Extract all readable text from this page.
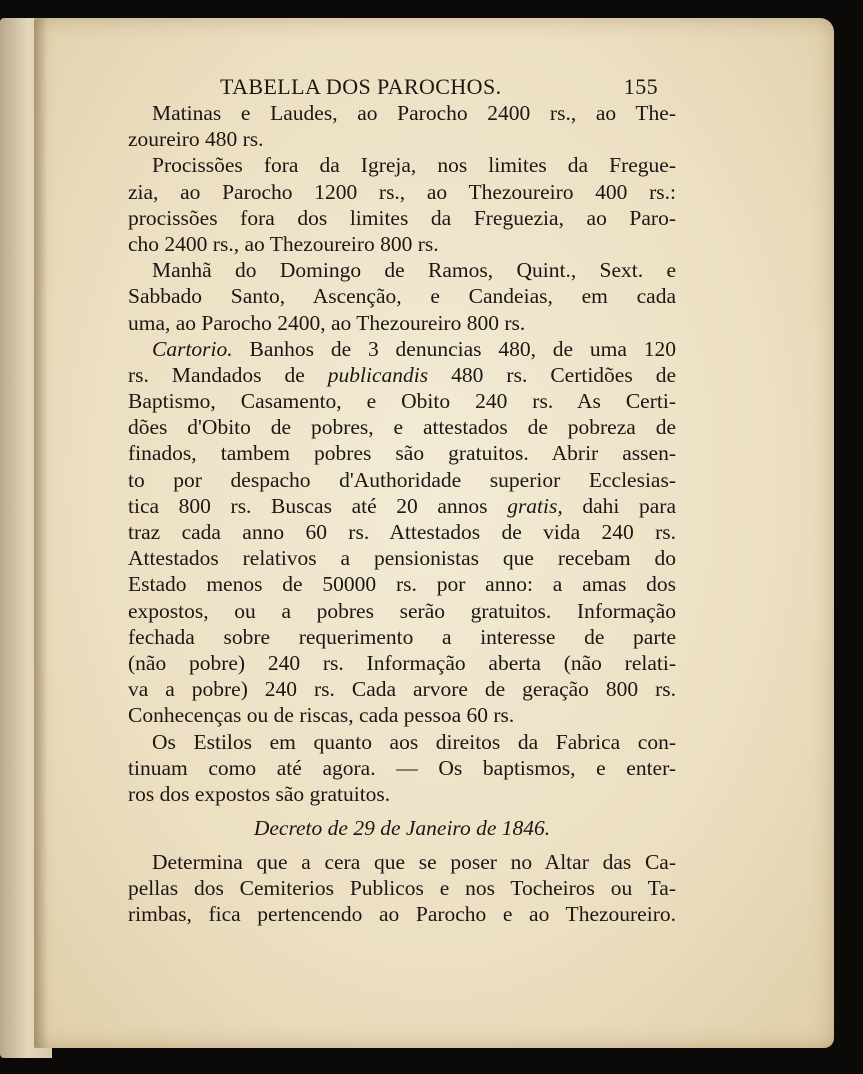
TABELLA DOS PAROCHOS.	155
Matinas e Laudes, ao Parocho 2400 rs., ao The-
zoureiro 480 rs.
Procissões fora da Igreja, nos limites da Fregue-
zia, ao Parocho 1200 rs., ao Thezoureiro 400 rs.:
procissões fora dos limites da Freguezia, ao Paro-
cho 2400 rs., ao Thezoureiro 800 rs.
Manhã do Domingo de Ramos, Quint., Sext. e
Sabbado Santo, Ascenção, e Candeias, em cada
uma, ao Parocho 2400, ao Thezoureiro 800 rs.
Cartorio. Banhos de 3 denuncias 480, de uma 120
rs. Mandados de publicandis 480 rs. Certidões de
Baptismo, Casamento, e Obito 240 rs. As Certi-
dões d'Obito de pobres, e attestados de pobreza de
finados, tambem pobres são gratuitos. Abrir assen-
to por despacho d'Authoridade superior Ecclesias-
tica 800 rs. Buscas até 20 annos gratis, dahi para
traz cada anno 60 rs. Attestados de vida 240 rs.
Attestados relativos a pensionistas que recebam do
Estado menos de 50000 rs. por anno: a amas dos
expostos, ou a pobres serão gratuitos. Informação
fechada sobre requerimento a interesse de parte
(não pobre) 240 rs. Informação aberta (não relati-
va a pobre) 240 rs. Cada arvore de geração 800 rs.
Conhecenças ou de riscas, cada pessoa 60 rs.
Os Estilos em quanto aos direitos da Fabrica con-
tinuam como até agora. — Os baptismos, e enter-
ros dos expostos são gratuitos.
Decreto de 29 de Janeiro de 1846.
Determina que a cera que se poser no Altar das Ca-
pellas dos Cemiterios Publicos e nos Tocheiros ou Ta-
rimbas, fica pertencendo ao Parocho e ao Thezoureiro.
